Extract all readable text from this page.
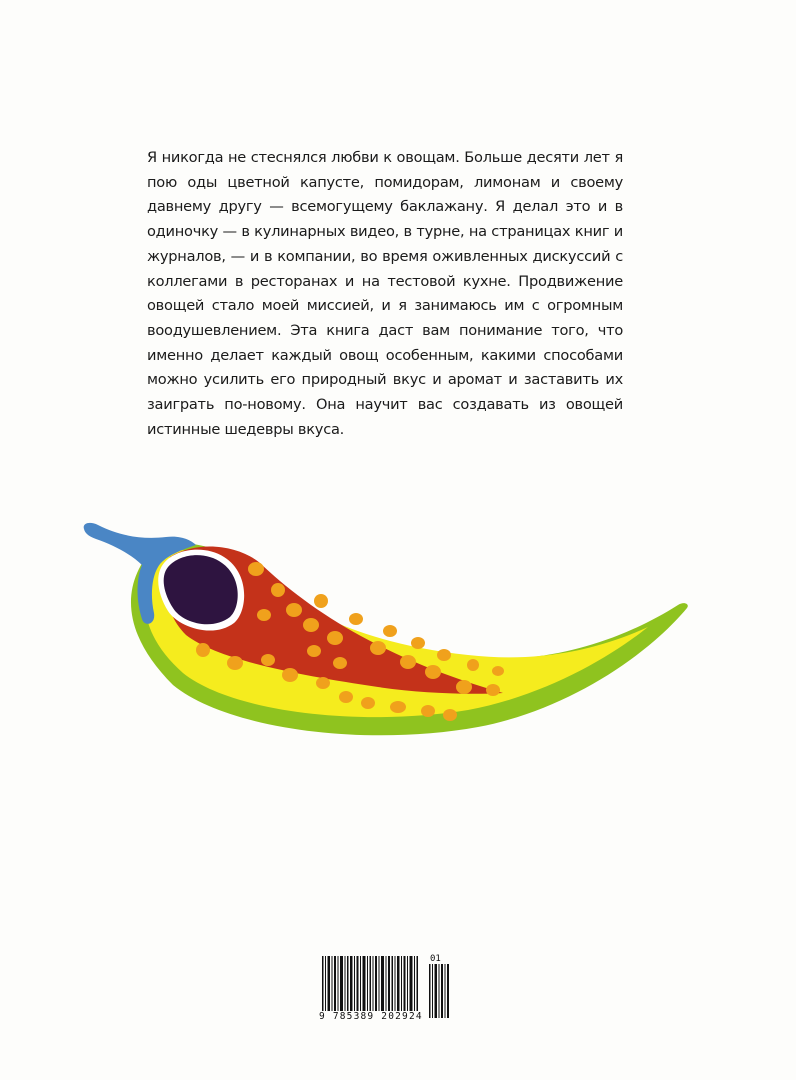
Я никогда не стеснялся любви к овощам. Больше десяти лет я пою оды цветной капусте, помидорам, лимонам и своему давнему другу — всемогущему баклажану. Я делал это и в одиночку — в кулинарных видео, в турне, на страницах книг и журналов, — и в компании, во время оживленных дискуссий с коллегами в ресторанах и на тестовой кухне. Продвижение овощей стало моей миссией, и я занимаюсь им с огромным воодушевлением. Эта книга даст вам понимание того, что именно делает каждый овощ особенным, какими способами можно усилить его природный вкус и аромат и заставить их заиграть по-новому. Она научит вас создавать из овощей истинные шедевры вкуса.

01
9 785389 202924
